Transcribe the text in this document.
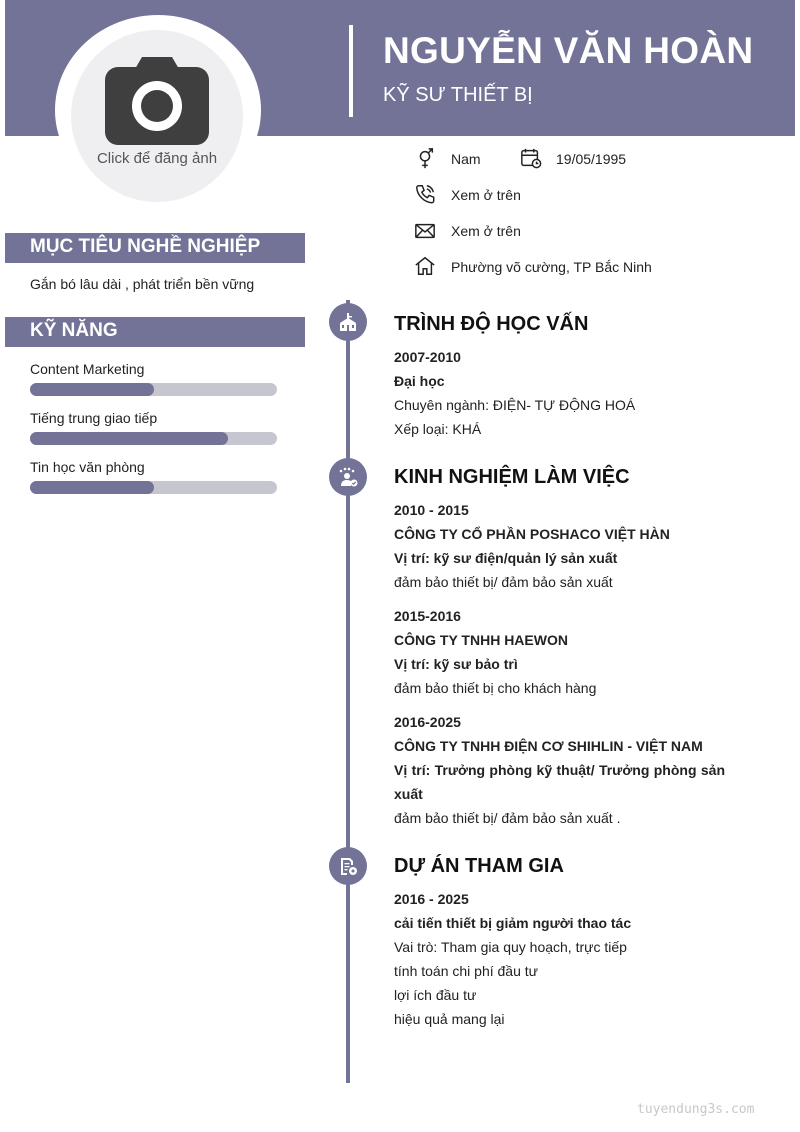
NGUYỄN VĂN HOÀN
KỸ SƯ THIẾT BỊ
Click để đăng ảnh	Nam	19/05/1995
Xem ở trên
Xem ở trên
Phường võ cường, TP Bắc Ninh
MỤC TIÊU NGHỀ NGHIỆP
Gắn bó lâu dài , phát triển bền vững
KỸ NĂNG
Content Marketing
Tiếng trung giao tiếp
Tin học văn phòng
TRÌNH ĐỘ HỌC VẤN
2007-2010
Đại học
Chuyên ngành: ĐIỆN- TỰ ĐỘNG HOÁ
Xếp loại: KHÁ
KINH NGHIỆM LÀM VIỆC
2010 - 2015
CÔNG TY CỔ PHẦN POSHACO VIỆT HÀN
Vị trí: kỹ sư điện/quản lý sản xuất
đảm bảo thiết bị/ đảm bảo sản xuất
2015-2016
CÔNG TY TNHH HAEWON
Vị trí: kỹ sư bảo trì
đảm bảo thiết bị cho khách hàng
2016-2025
CÔNG TY TNHH ĐIỆN CƠ SHIHLIN - VIỆT NAM
Vị trí: Trưởng phòng kỹ thuật/ Trưởng phòng sản xuất
đảm bảo thiết bị/ đảm bảo sản xuất .
DỰ ÁN THAM GIA
2016 - 2025
cải tiến thiết bị giảm người thao tác
Vai trò: Tham gia quy hoạch, trực tiếp
tính toán chi phí đầu tư
lợi ích đầu tư
hiệu quả mang lại
tuyendung3s.com
